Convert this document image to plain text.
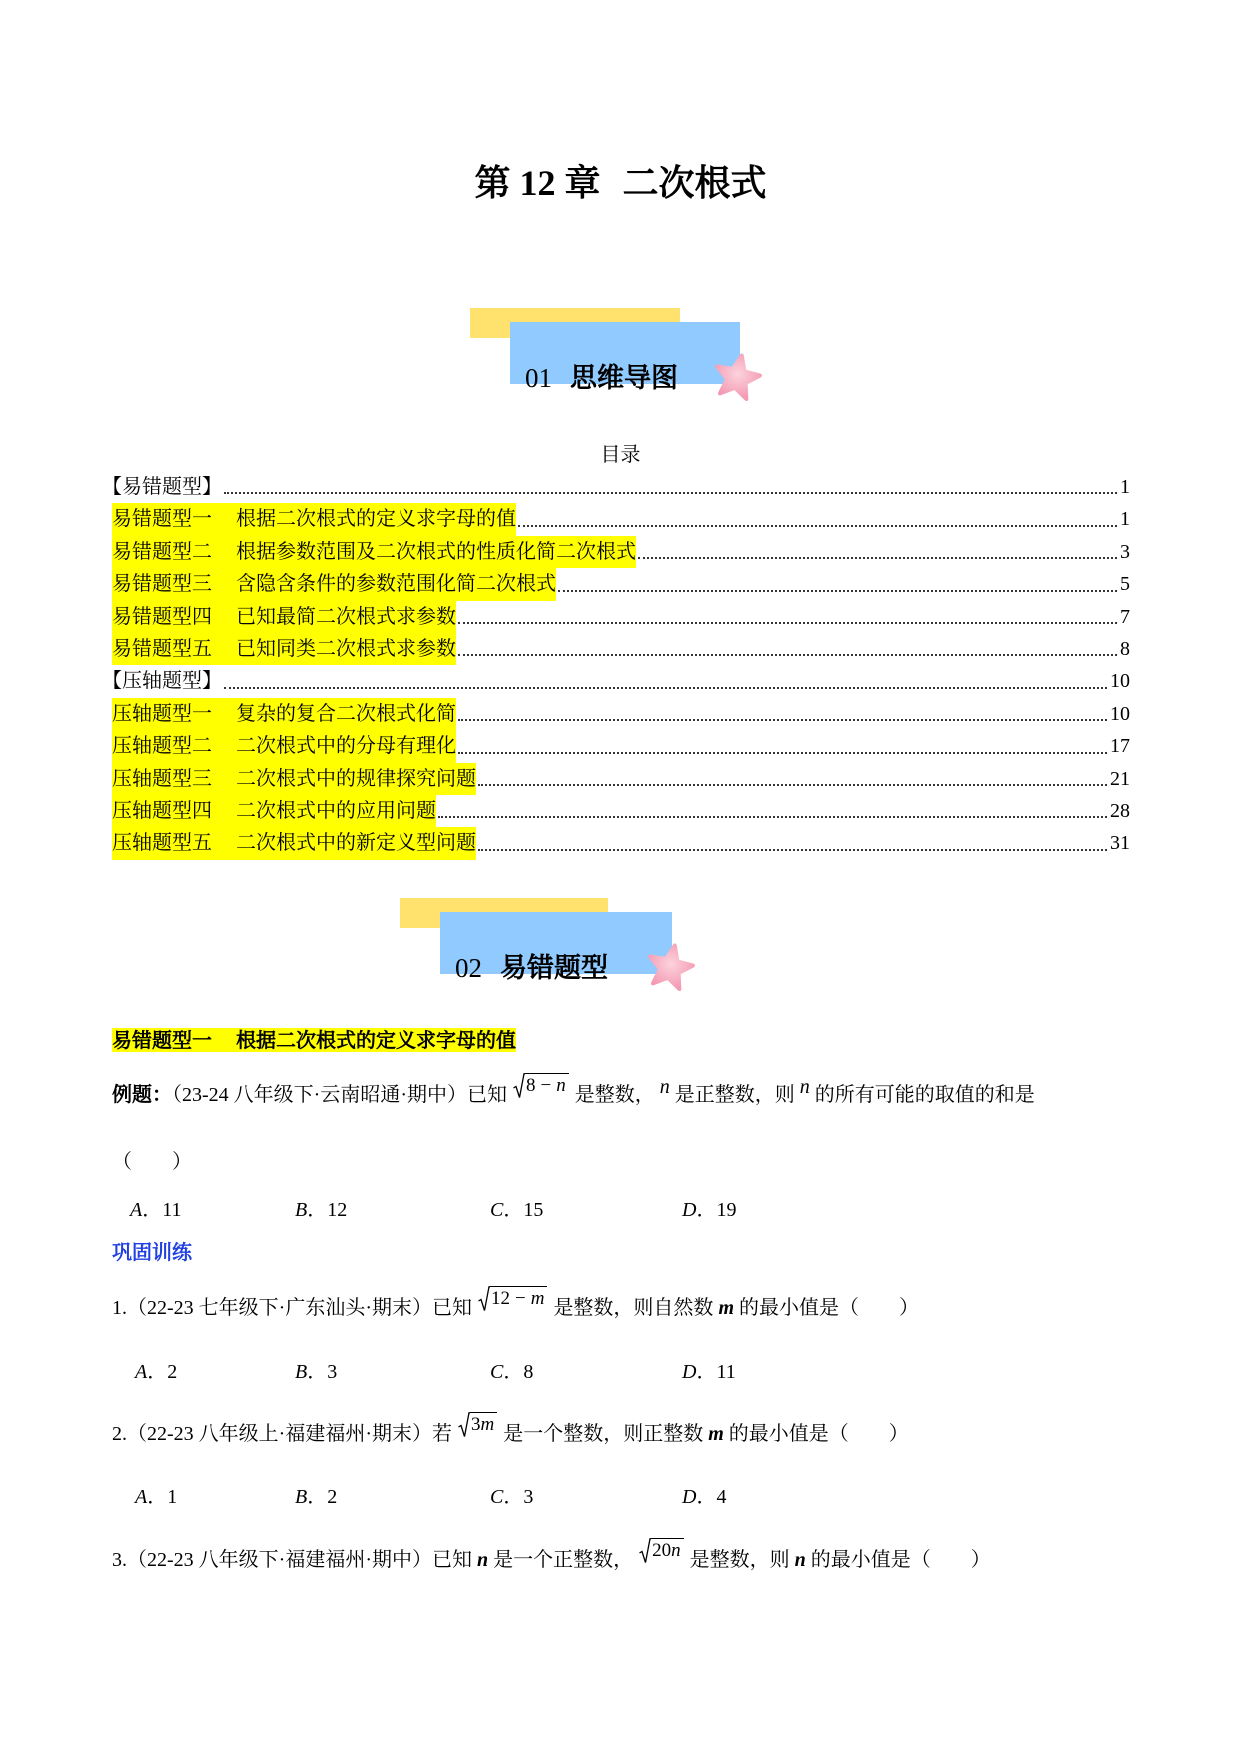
第 12 章 二次根式
01 思维导图
目录
【易错题型】	1
易错题型一 根据二次根式的定义求字母的值	1
易错题型二 根据参数范围及二次根式的性质化简二次根式	3
易错题型三 含隐含条件的参数范围化简二次根式	5
易错题型四 已知最简二次根式求参数	7
易错题型五 已知同类二次根式求参数	8
【压轴题型】	10
压轴题型一 复杂的复合二次根式化简	10
压轴题型二 二次根式中的分母有理化	17
压轴题型三 二次根式中的规律探究问题	21
压轴题型四 二次根式中的应用问题	28
压轴题型五 二次根式中的新定义型问题	31
02 易错题型
易错题型一 根据二次根式的定义求字母的值
例题：（23-24 八年级下·云南昭通·期中）已知 8 − n 是整数， n 是正整数，则 n 的所有可能的取值的和是
（　　）
A．11	B．12	C．15	D．19
巩固训练
1.（22-23 七年级下·广东汕头·期末）已知 12 − m 是整数，则自然数 m 的最小值是（　　）
A．2	B．3	C．8	D．11
2.（22-23 八年级上·福建福州·期末）若 3m 是一个整数，则正整数 m 的最小值是（　　）
A．1	B．2	C．3	D．4
3.（22-23 八年级下·福建福州·期中）已知 n 是一个正整数， 20n 是整数，则 n 的最小值是（　　）
